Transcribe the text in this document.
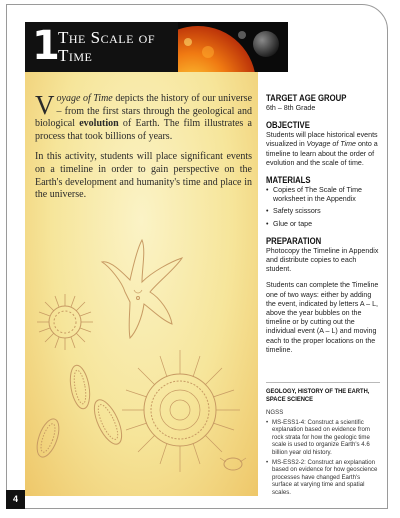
1
The Scale of Time

Voyage of Time depicts the history of our universe – from the first stars through the geological and biological evolution of Earth. The film illustrates a process that took billions of years.

In this activity, students will place significant events on a timeline in order to gain perspective on the Earth's development and humanity's time and place in the universe.

TARGET AGE GROUP

6th – 8th Grade

OBJECTIVE

Students will place historical events visualized in Voyage of Time onto a timeline to learn about the order of evolution and the scale of time.

MATERIALS
• Copies of The Scale of Time worksheet in the Appendix
• Safety scissors
• Glue or tape
PREPARATION

Photocopy the Timeline in Appendix and distribute copies to each student.

Students can complete the Timeline one of two ways: either by adding the event, indicated by letters A – L, above the year bubbles on the timeline or by cutting out the individual event (A – L) and moving each to the proper locations on the timeline.

GEOLOGY, HISTORY OF THE EARTH, SPACE SCIENCE

NGSS

• MS-ESS1-4: Construct a scientific explanation based on evidence from rock strata for how the geologic time scale is used to organize Earth's 4.6 billion year old history.
• MS-ESS2-2: Construct an explanation based on evidence for how geoscience processes have changed Earth's surface at varying time and spatial scales.
4
